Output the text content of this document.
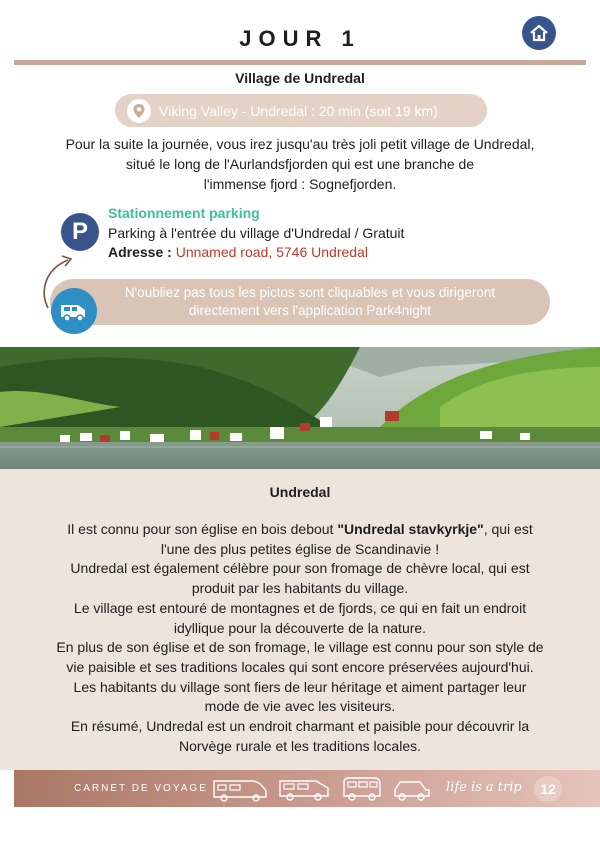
JOUR 1
Village de Undredal
Viking Valley - Undredal : 20 min (soit 19 km)
Pour la suite la journée, vous irez jusqu'au très joli petit village de Undredal,
situé le long de l'Aurlandsfjorden qui est une branche de
l'immense fjord : Sognefjorden.
P
Stationnement parking
Parking à l'entrée du village d'Undredal / Gratuit
Adresse : Unnamed road, 5746 Undredal
N'oubliez pas tous les pictos sont cliquables et vous dirigeront
directement vers l'application Park4night
Undredal
Il est connu pour son église en bois debout "Undredal stavkyrkje", qui est l'une des plus petites église de Scandinavie !
Undredal est également célèbre pour son fromage de chèvre local, qui est produit par les habitants du village.
Le village est entouré de montagnes et de fjords, ce qui en fait un endroit idyllique pour la découverte de la nature.
En plus de son église et de son fromage, le village est connu pour son style de vie paisible et ses traditions locales qui sont encore préservées aujourd'hui. Les habitants du village sont fiers de leur héritage et aiment partager leur mode de vie avec les visiteurs.
En résumé, Undredal est un endroit charmant et paisible pour découvrir la Norvège rurale et les traditions locales.
CARNET DE VOYAGE	life is a trip	12
